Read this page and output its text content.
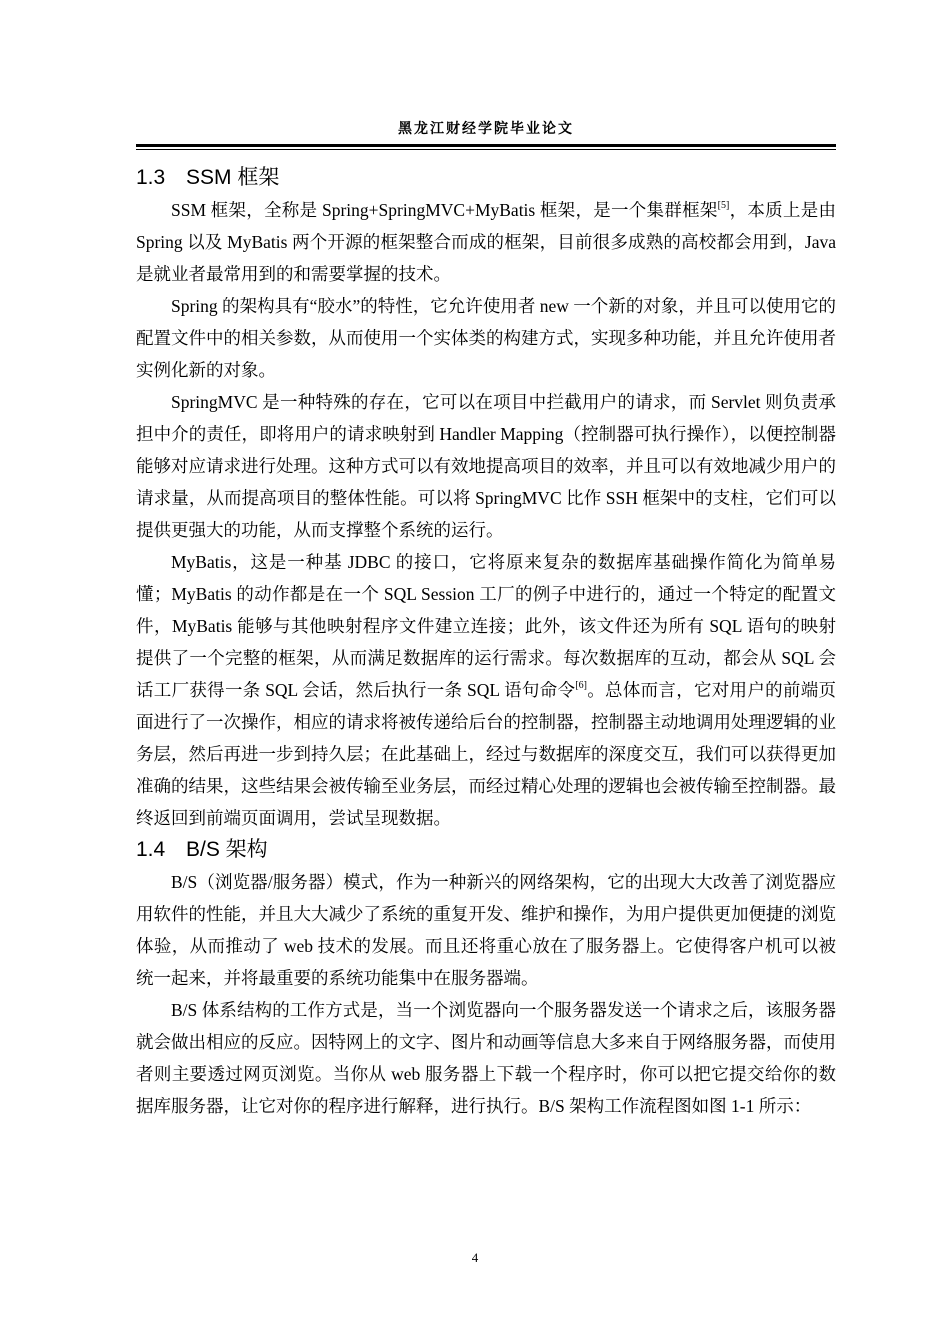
黑龙江财经学院毕业论文
1.3 SSM 框架

SSM 框架，全称是 Spring+SpringMVC+MyBatis 框架，是一个集群框架[5]，本质上是由 Spring 以及 MyBatis 两个开源的框架整合而成的框架，目前很多成熟的高校都会用到，Java 是就业者最常用到的和需要掌握的技术。

Spring 的架构具有“胶水”的特性，它允许使用者 new 一个新的对象，并且可以使用它的配置文件中的相关参数，从而使用一个实体类的构建方式，实现多种功能，并且允许使用者实例化新的对象。

SpringMVC 是一种特殊的存在，它可以在项目中拦截用户的请求，而 Servlet 则负责承担中介的责任，即将用户的请求映射到 Handler Mapping（控制器可执行操作），以便控制器能够对应请求进行处理。这种方式可以有效地提高项目的效率，并且可以有效地减少用户的请求量，从而提高项目的整体性能。可以将 SpringMVC 比作 SSH 框架中的支柱，它们可以提供更强大的功能，从而支撑整个系统的运行。

MyBatis，这是一种基 JDBC 的接口，它将原来复杂的数据库基础操作简化为简单易懂；MyBatis 的动作都是在一个 SQL Session 工厂的例子中进行的，通过一个特定的配置文件，MyBatis 能够与其他映射程序文件建立连接；此外，该文件还为所有 SQL 语句的映射提供了一个完整的框架，从而满足数据库的运行需求。每次数据库的互动，都会从 SQL 会话工厂获得一条 SQL 会话，然后执行一条 SQL 语句命令[6]。总体而言，它对用户的前端页面进行了一次操作，相应的请求将被传递给后台的控制器，控制器主动地调用处理逻辑的业务层，然后再进一步到持久层；在此基础上，经过与数据库的深度交互，我们可以获得更加准确的结果，这些结果会被传输至业务层，而经过精心处理的逻辑也会被传输至控制器。最终返回到前端页面调用，尝试呈现数据。

1.4 B/S 架构

B/S（浏览器/服务器）模式，作为一种新兴的网络架构，它的出现大大改善了浏览器应用软件的性能，并且大大减少了系统的重复开发、维护和操作，为用户提供更加便捷的浏览体验，从而推动了 web 技术的发展。而且还将重心放在了服务器上。它使得客户机可以被统一起来，并将最重要的系统功能集中在服务器端。

B/S 体系结构的工作方式是，当一个浏览器向一个服务器发送一个请求之后，该服务器就会做出相应的反应。因特网上的文字、图片和动画等信息大多来自于网络服务器，而使用者则主要透过网页浏览。当你从 web 服务器上下载一个程序时，你可以把它提交给你的数据库服务器，让它对你的程序进行解释，进行执行。B/S 架构工作流程图如图 1-1 所示：

4
